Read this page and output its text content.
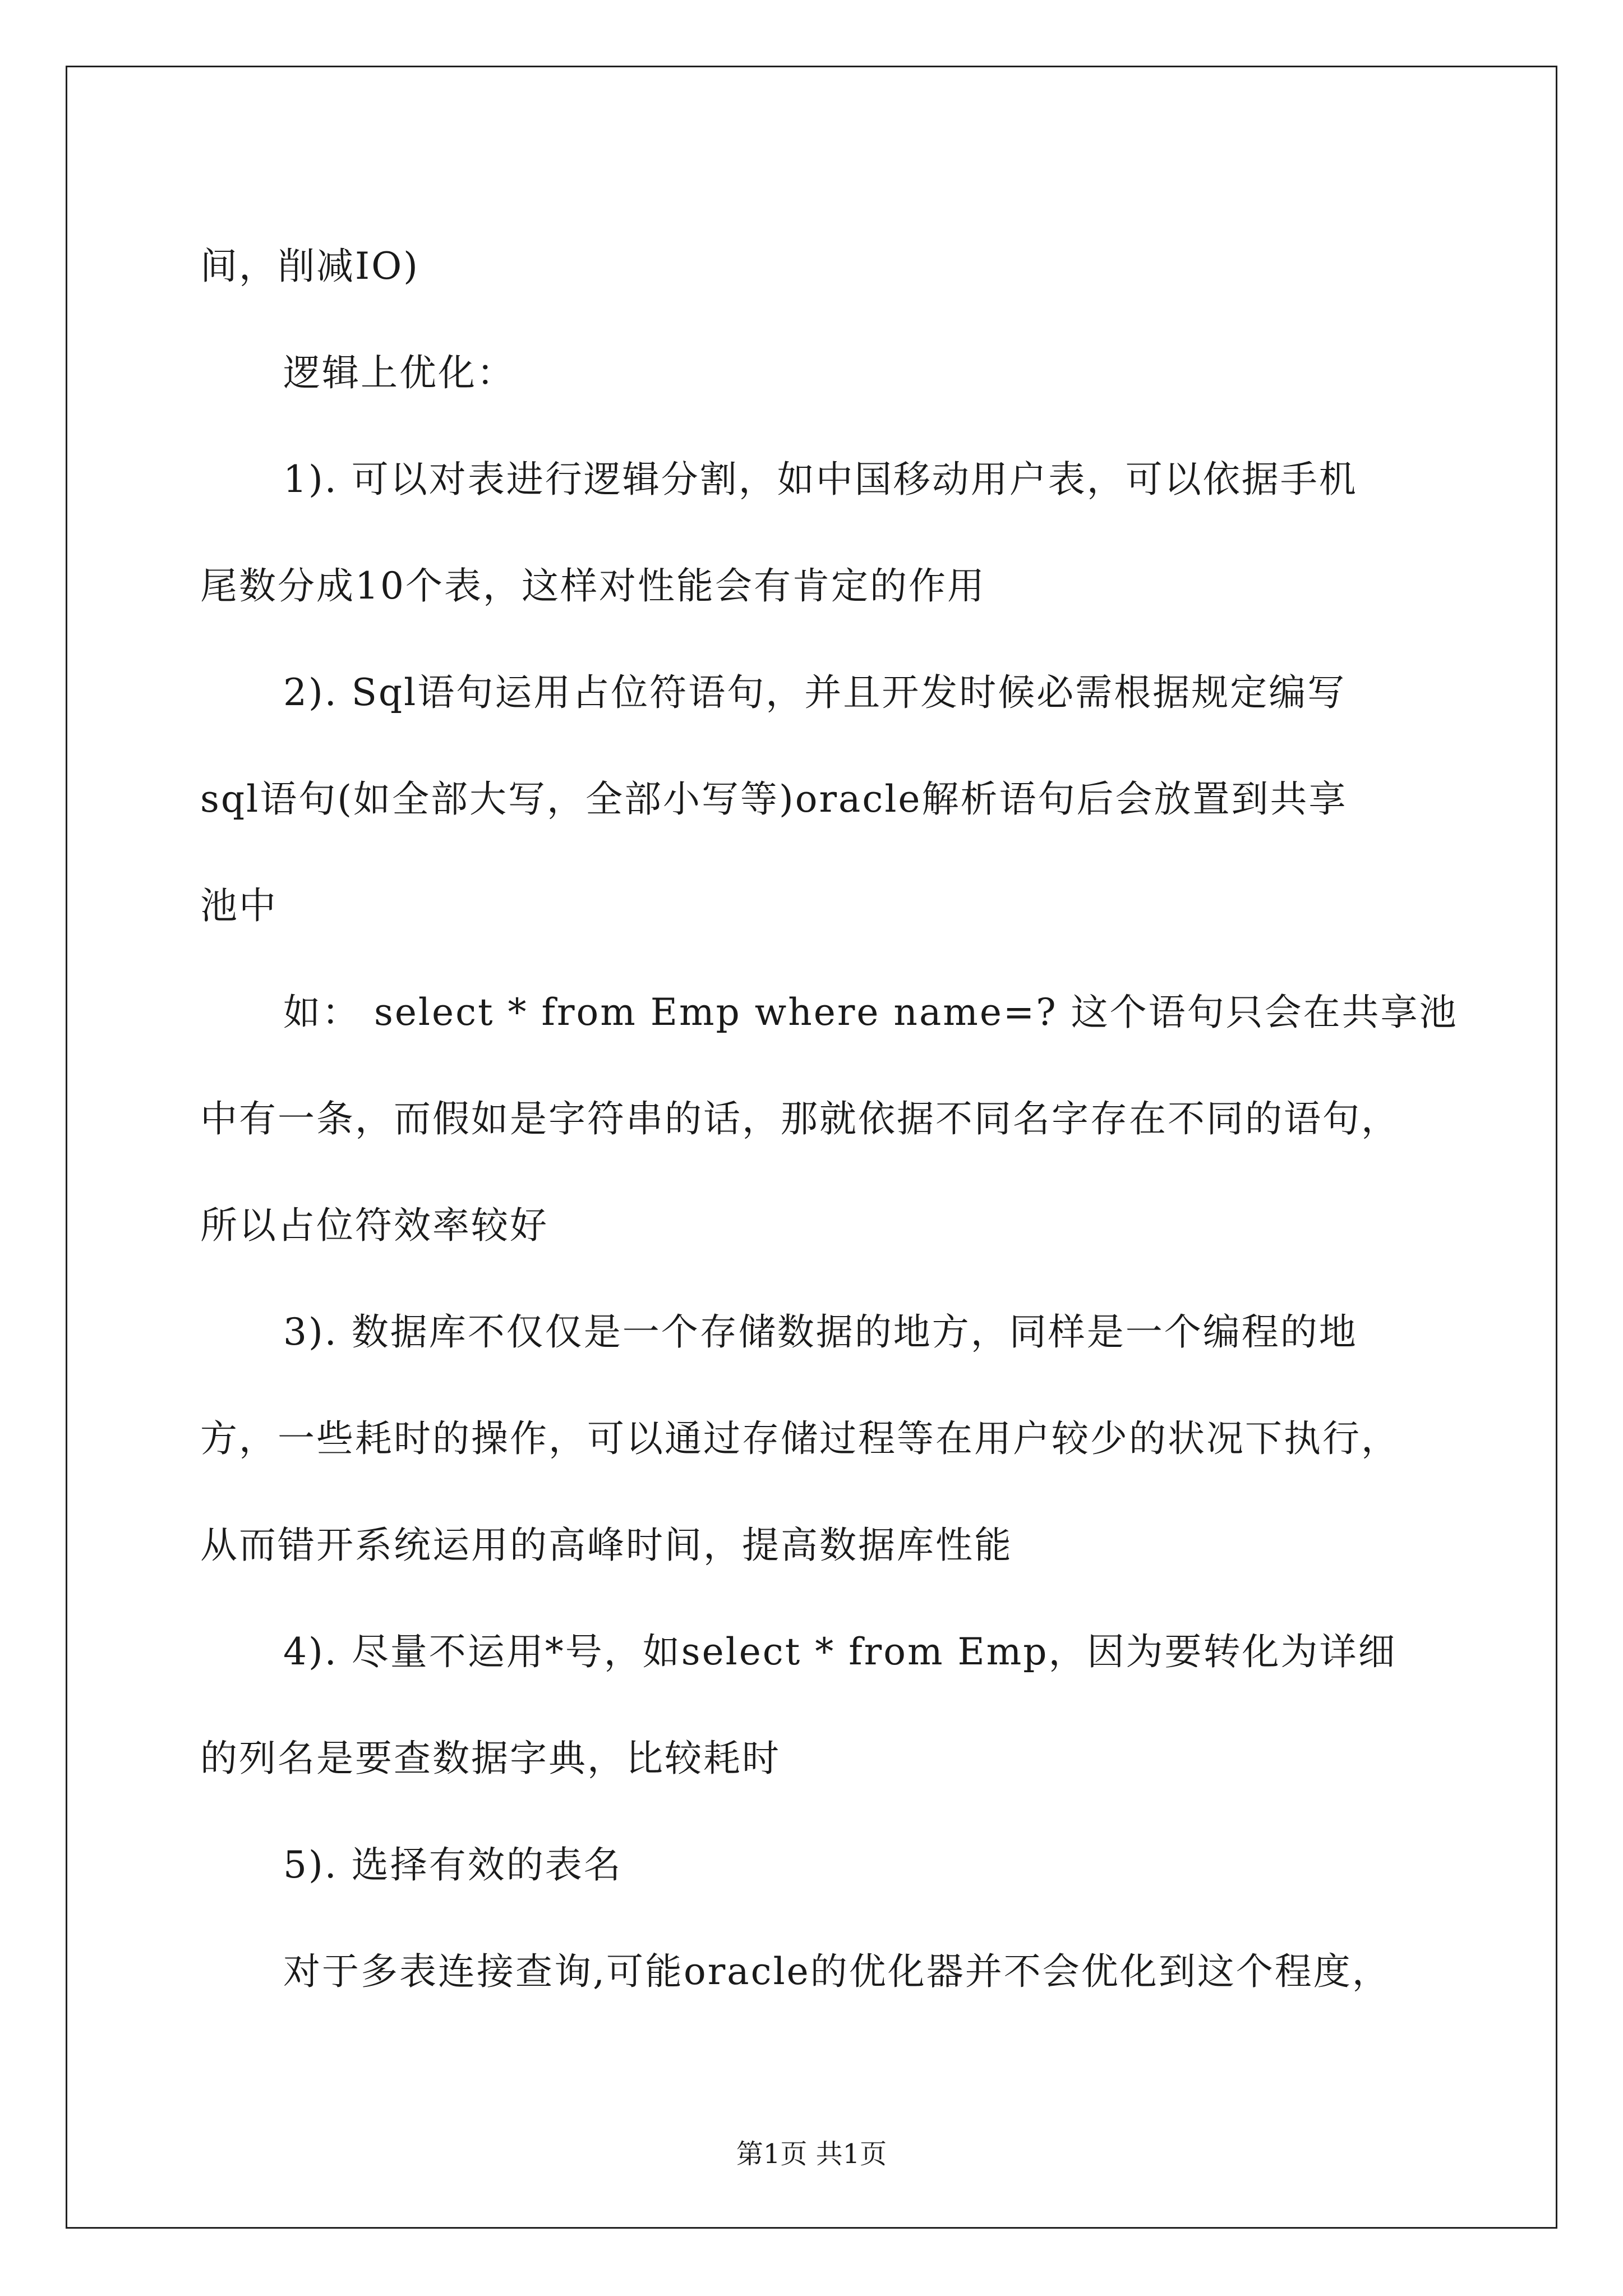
间，削减IO)

逻辑上优化：

1). 可以对表进行逻辑分割，如中国移动用户表，可以依据手机

尾数分成10个表，这样对性能会有肯定的作用

2). Sql语句运用占位符语句，并且开发时候必需根据规定编写

sql语句(如全部大写，全部小写等)oracle解析语句后会放置到共享

池中

如： select * from Emp where name=? 这个语句只会在共享池

中有一条，而假如是字符串的话，那就依据不同名字存在不同的语句，

所以占位符效率较好

3). 数据库不仅仅是一个存储数据的地方，同样是一个编程的地

方，一些耗时的操作，可以通过存储过程等在用户较少的状况下执行，

从而错开系统运用的高峰时间，提高数据库性能

4). 尽量不运用*号，如select * from Emp，因为要转化为详细

的列名是要查数据字典，比较耗时

5). 选择有效的表名

对于多表连接查询,可能oracle的优化器并不会优化到这个程度，

第1页 共1页
